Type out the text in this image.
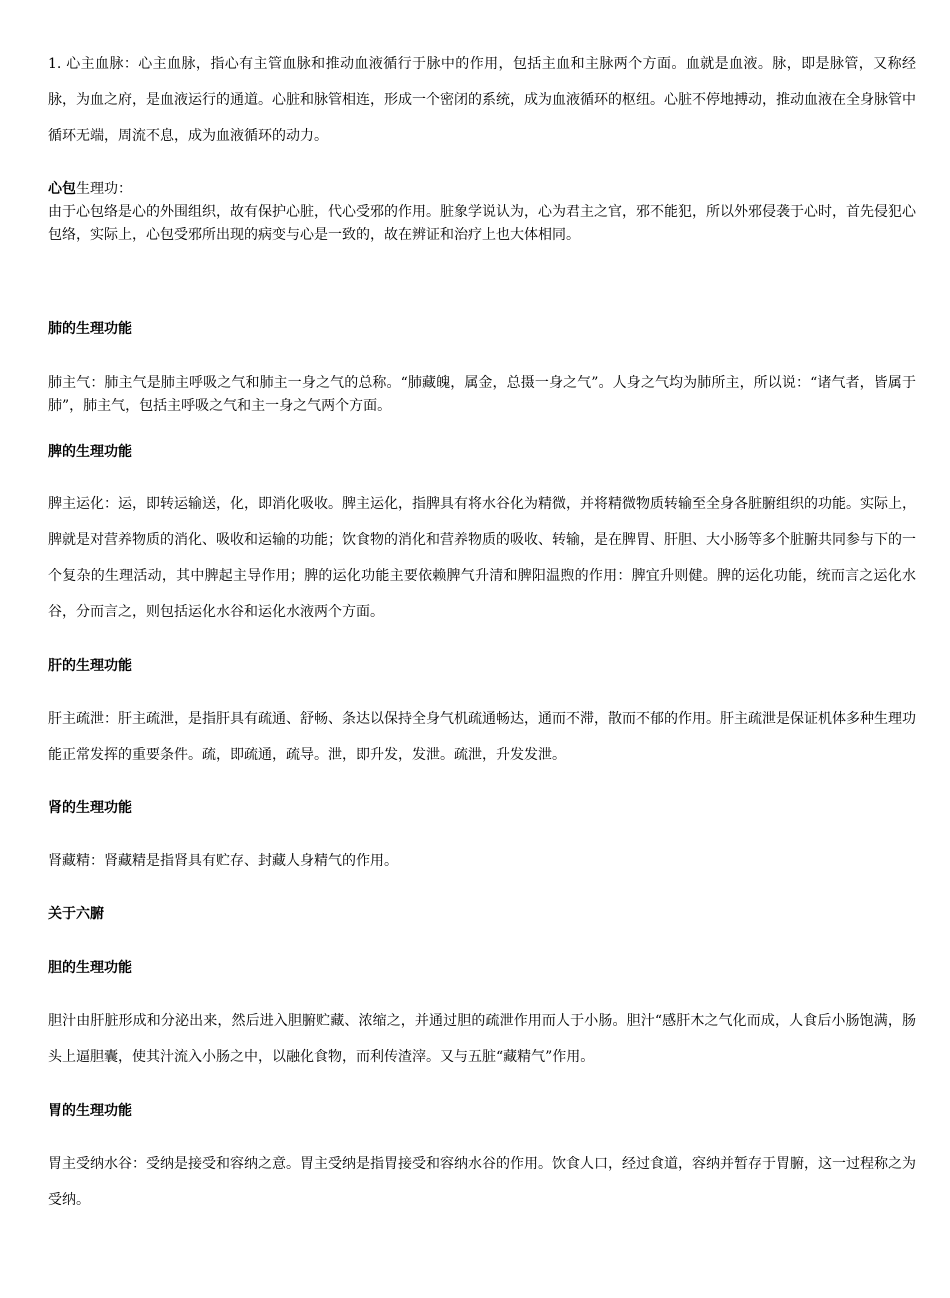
1. 心主血脉：心主血脉，指心有主管血脉和推动血液循行于脉中的作用，包括主血和主脉两个方面。血就是血液。脉，即是脉管，又称经脉，为血之府，是血液运行的通道。心脏和脉管相连，形成一个密闭的系统，成为血液循环的枢纽。心脏不停地搏动，推动血液在全身脉管中循环无端，周流不息，成为血液循环的动力。

心包生理功：

由于心包络是心的外围组织，故有保护心脏，代心受邪的作用。脏象学说认为，心为君主之官，邪不能犯，所以外邪侵袭于心时，首先侵犯心包络，实际上，心包受邪所出现的病变与心是一致的，故在辨证和治疗上也大体相同。

肺的生理功能

肺主气：肺主气是肺主呼吸之气和肺主一身之气的总称。“肺藏魄，属金，总摄一身之气”。人身之气均为肺所主，所以说：“诸气者，皆属于肺”，肺主气，包括主呼吸之气和主一身之气两个方面。

脾的生理功能

脾主运化：运，即转运输送，化，即消化吸收。脾主运化，指脾具有将水谷化为精微，并将精微物质转输至全身各脏腑组织的功能。实际上，脾就是对营养物质的消化、吸收和运输的功能；饮食物的消化和营养物质的吸收、转输，是在脾胃、肝胆、大小肠等多个脏腑共同参与下的一个复杂的生理活动，其中脾起主导作用；脾的运化功能主要依赖脾气升清和脾阳温煦的作用：脾宜升则健。脾的运化功能，统而言之运化水谷，分而言之，则包括运化水谷和运化水液两个方面。

肝的生理功能

肝主疏泄：肝主疏泄，是指肝具有疏通、舒畅、条达以保持全身气机疏通畅达，通而不滞，散而不郁的作用。肝主疏泄是保证机体多种生理功能正常发挥的重要条件。疏，即疏通，疏导。泄，即升发，发泄。疏泄，升发发泄。

肾的生理功能

肾藏精：肾藏精是指肾具有贮存、封藏人身精气的作用。

关于六腑
胆的生理功能

胆汁由肝脏形成和分泌出来，然后进入胆腑贮藏、浓缩之，并通过胆的疏泄作用而人于小肠。胆汁“感肝木之气化而成，人食后小肠饱满，肠头上逼胆囊，使其汁流入小肠之中，以融化食物，而利传渣滓。又与五脏“藏精气”作用。

胃的生理功能

胃主受纳水谷：受纳是接受和容纳之意。胃主受纳是指胃接受和容纳水谷的作用。饮食人口，经过食道，容纳并暂存于胃腑，这一过程称之为受纳。
